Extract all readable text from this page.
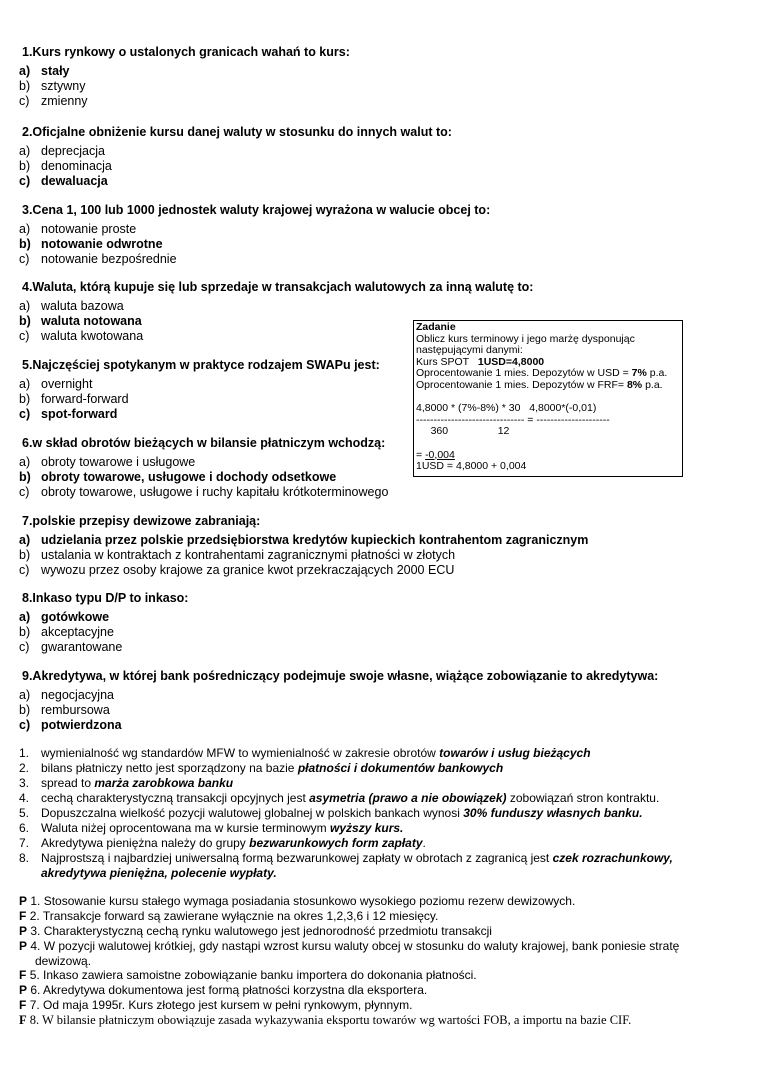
1.Kurs rynkowy o ustalonych granicach wahań to kurs:
a) stały
b) sztywny
c) zmienny
2.Oficjalne obniżenie kursu danej waluty w stosunku do innych walut to:
a) deprecjacja
b) denominacja
c) dewaluacja
3.Cena 1, 100 lub 1000 jednostek waluty krajowej wyrażona w walucie obcej to:
a) notowanie proste
b) notowanie odwrotne
c) notowanie bezpośrednie
4.Waluta, którą kupuje się lub sprzedaje w transakcjach walutowych za inną walutę to:
a) waluta bazowa
b) waluta notowana
c) waluta kwotowana
5.Najczęściej spotykanym w praktyce rodzajem SWAPu jest:
a) overnight
b) forward-forward
c) spot-forward
6.w skład obrotów bieżących w bilansie płatniczym wchodzą:
a) obroty towarowe i usługowe
b) obroty towarowe, usługowe i dochody odsetkowe
c) obroty towarowe, usługowe i ruchy kapitału krótkoterminowego
7.polskie przepisy dewizowe zabraniają:
a) udzielania przez polskie przedsiębiorstwa kredytów kupieckich kontrahentom zagranicznym
b) ustalania w kontraktach z kontrahentami zagranicznymi płatności w złotych
c) wywozu przez osoby krajowe za granice kwot przekraczających 2000 ECU
8.Inkaso typu D/P to inkaso:
a) gotówkowe
b) akceptacyjne
c) gwarantowane
9.Akredytywa, w której bank pośredniczący podejmuje swoje własne, wiążące zobowiązanie to akredytywa:
a) negocjacyjna
b) rembursowa
c) potwierdzona
1. wymienialność wg standardów MFW to wymienialność w zakresie obrotów towarów i usług bieżących
2. bilans płatniczy netto jest sporządzony na bazie płatności i dokumentów bankowych
3. spread to marża zarobkowa banku
4. cechą charakterystyczną transakcji opcyjnych jest asymetria (prawo a nie obowiązek) zobowiązań stron kontraktu.
5. Dopuszczalna wielkość pozycji walutowej globalnej w polskich bankach wynosi 30% funduszy własnych banku.
6. Waluta niżej oprocentowana ma w kursie terminowym wyższy kurs.
7. Akredytywa pieniężna należy do grupy bezwarunkowych form zapłaty.
8. Najprostszą i najbardziej uniwersalną formą bezwarunkowej zapłaty w obrotach z zagranicą jest czek rozrachunkowy,
akredytywa pieniężna, polecenie wypłaty.
P 1. Stosowanie kursu stałego wymaga posiadania stosunkowo wysokiego poziomu rezerw dewizowych.
F 2. Transakcje forward są zawierane wyłącznie na okres 1,2,3,6 i 12 miesięcy.
P 3. Charakterystyczną cechą rynku walutowego jest jednorodność przedmiotu transakcji
P 4. W pozycji walutowej krótkiej, gdy nastąpi wzrost kursu waluty obcej w stosunku do waluty krajowej, bank poniesie stratę
dewizową.
F 5. Inkaso zawiera samoistne zobowiązanie banku importera do dokonania płatności.
P 6. Akredytywa dokumentowa jest formą płatności korzystna dla eksportera.
F 7. Od maja 1995r. Kurs złotego jest kursem w pełni rynkowym, płynnym.
F 8. W bilansie płatniczym obowiązuje zasada wykazywania eksportu towarów wg wartości FOB, a importu na bazie CIF.
Zadanie
Oblicz kurs terminowy i jego marżę dysponując
następującymi danymi:
Kurs SPOT 1USD=4,8000
Oprocentowanie 1 mies. Depozytów w USD = 7% p.a.
Oprocentowanie 1 mies. Depozytów w FRF= 8% p.a.

4,8000 * (7%-8%) * 30   4,8000*(-0,01)
------------------------------- = ---------------------
360                 12

= -0,004
1USD = 4,8000 + 0,004
